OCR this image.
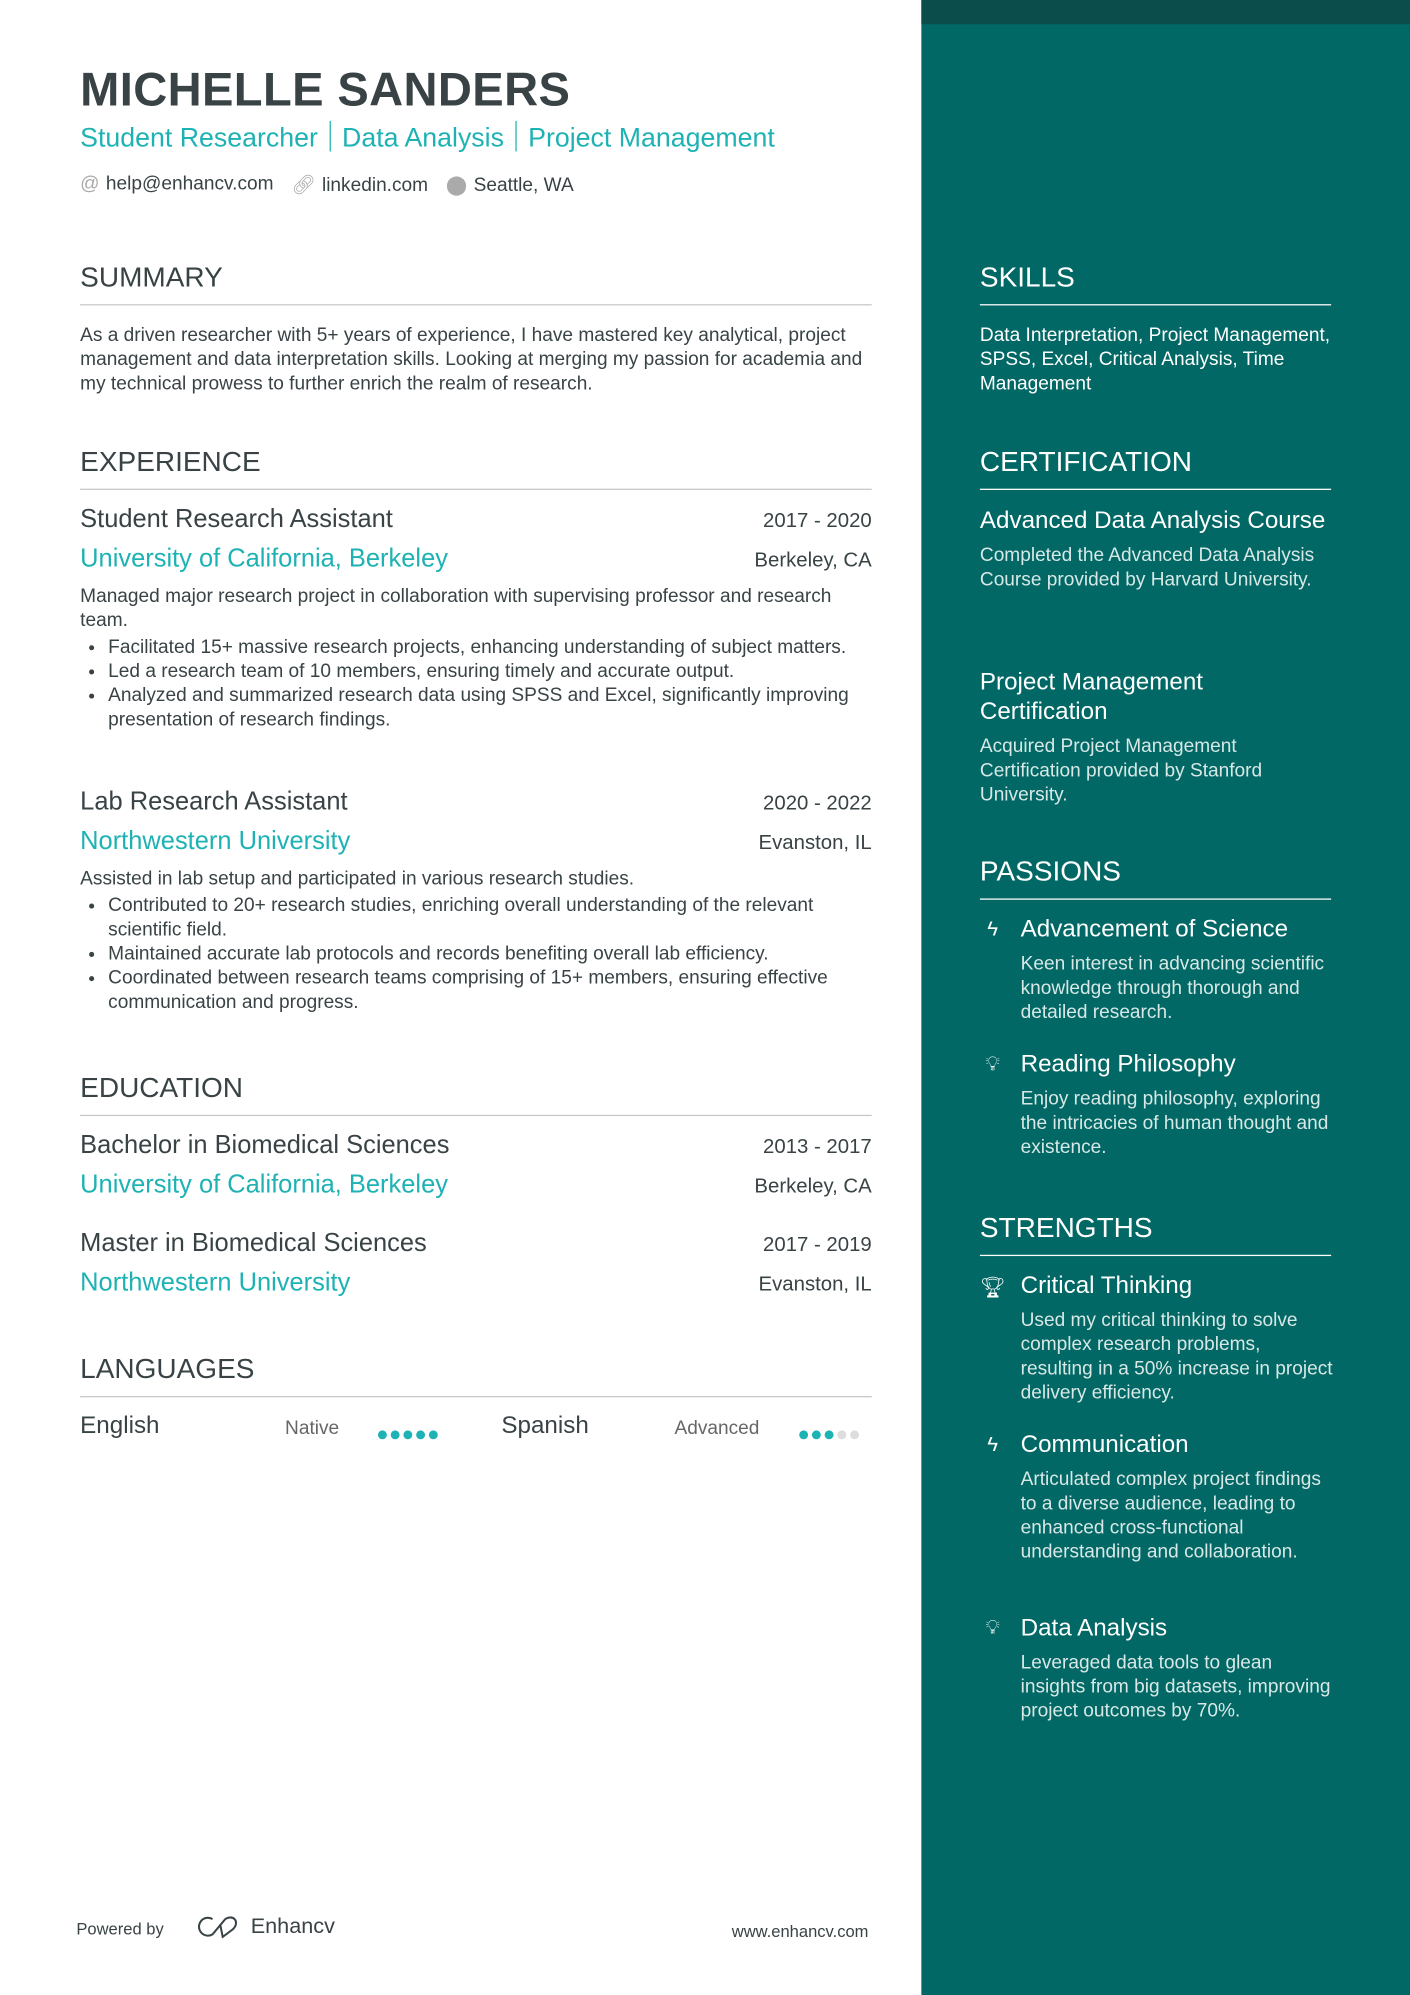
MICHELLE SANDERS
Student Researcher Data Analysis Project Management
@ help@enhancv.com 🔗︎ linkedin.com ⬤ Seattle, WA
SUMMARY
As a driven researcher with 5+ years of experience, I have mastered key analytical, project management and data interpretation skills. Looking at merging my passion for academia and my technical prowess to further enrich the realm of research.
EXPERIENCE
Student Research Assistant	2017 - 2020
University of California, Berkeley	Berkeley, CA
Managed major research project in collaboration with supervising professor and research team.
• Facilitated 15+ massive research projects, enhancing understanding of subject matters.
• Led a research team of 10 members, ensuring timely and accurate output.
• Analyzed and summarized research data using SPSS and Excel, significantly improving presentation of research findings.
Lab Research Assistant	2020 - 2022
Northwestern University	Evanston, IL
Assisted in lab setup and participated in various research studies.
• Contributed to 20+ research studies, enriching overall understanding of the relevant scientific field.
• Maintained accurate lab protocols and records benefiting overall lab efficiency.
• Coordinated between research teams comprising of 15+ members, ensuring effective communication and progress.
EDUCATION
Bachelor in Biomedical Sciences	2013 - 2017
University of California, Berkeley	Berkeley, CA
Master in Biomedical Sciences	2017 - 2019
Northwestern University	Evanston, IL
LANGUAGES
English	Native	Spanish	Advanced
SKILLS
Data Interpretation, Project Management, SPSS, Excel, Critical Analysis, Time Management
CERTIFICATION
Advanced Data Analysis Course
Completed the Advanced Data Analysis Course provided by Harvard University.
Project Management Certification
Acquired Project Management Certification provided by Stanford University.
PASSIONS
ϟ	Advancement of Science
Keen interest in advancing scientific knowledge through thorough and detailed research.
💡︎ Reading Philosophy
Enjoy reading philosophy, exploring the intricacies of human thought and existence.
STRENGTHS
🏆︎ Critical Thinking
Used my critical thinking to solve complex research problems, resulting in a 50% increase in project delivery efficiency.
ϟ	Communication
Articulated complex project findings to a diverse audience, leading to enhanced cross-functional understanding and collaboration.
💡︎ Data Analysis
Leveraged data tools to glean insights from big datasets, improving project outcomes by 70%.
Powered by	Enhancv	www.enhancv.com
